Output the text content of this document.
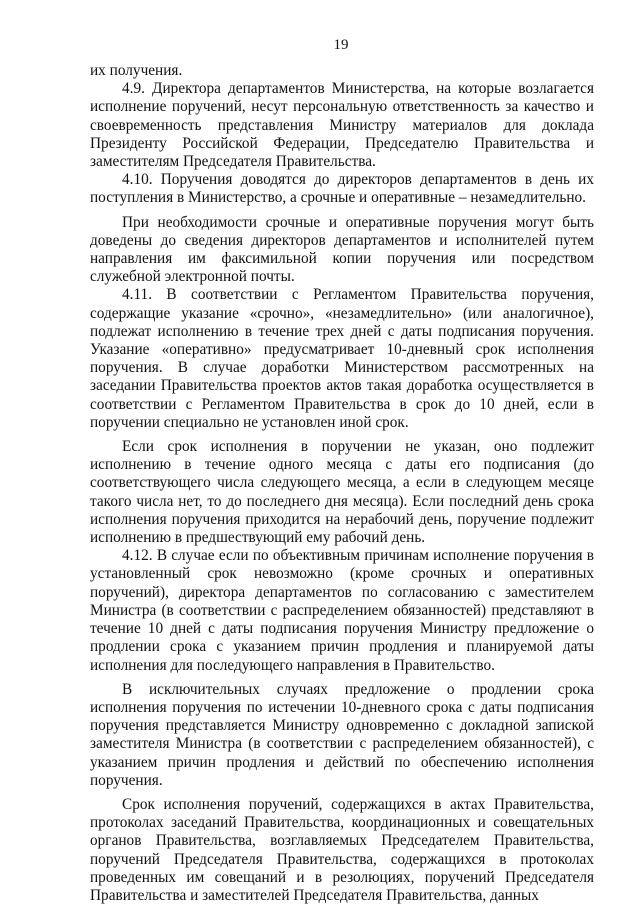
19

их получения.

4.9. Директора департаментов Министерства, на которые возлагается исполнение поручений, несут персональную ответственность за качество и своевременность представления Министру материалов для доклада Президенту Российской Федерации, Председателю Правительства и заместителям Председателя Правительства.

4.10. Поручения доводятся до директоров департаментов в день их поступления в Министерство, а срочные и оперативные – незамедлительно.

При необходимости срочные и оперативные поручения могут быть доведены до сведения директоров департаментов и исполнителей путем направления им факсимильной копии поручения или посредством служебной электронной почты.

4.11. В соответствии с Регламентом Правительства поручения, содержащие указание «срочно», «незамедлительно» (или аналогичное), подлежат исполнению в течение трех дней с даты подписания поручения. Указание «оперативно» предусматривает 10-дневный срок исполнения поручения. В случае доработки Министерством рассмотренных на заседании Правительства проектов актов такая доработка осуществляется в соответствии с Регламентом Правительства в срок до 10 дней, если в поручении специально не установлен иной срок.

Если срок исполнения в поручении не указан, оно подлежит исполнению в течение одного месяца с даты его подписания (до соответствующего числа следующего месяца, а если в следующем месяце такого числа нет, то до последнего дня месяца). Если последний день срока исполнения поручения приходится на нерабочий день, поручение подлежит исполнению в предшествующий ему рабочий день.

4.12. В случае если по объективным причинам исполнение поручения в установленный срок невозможно (кроме срочных и оперативных поручений), директора департаментов по согласованию с заместителем Министра (в соответствии с распределением обязанностей) представляют в течение 10 дней с даты подписания поручения Министру предложение о продлении срока с указанием причин продления и планируемой даты исполнения для последующего направления в Правительство.

В исключительных случаях предложение о продлении срока исполнения поручения по истечении 10-дневного срока с даты подписания поручения представляется Министру одновременно с докладной запиской заместителя Министра (в соответствии с распределением обязанностей), с указанием причин продления и действий по обеспечению исполнения поручения.

Срок исполнения поручений, содержащихся в актах Правительства, протоколах заседаний Правительства, координационных и совещательных органов Правительства, возглавляемых Председателем Правительства, поручений Председателя Правительства, содержащихся в протоколах проведенных им совещаний и в резолюциях, поручений Председателя Правительства и заместителей Председателя Правительства, данных
